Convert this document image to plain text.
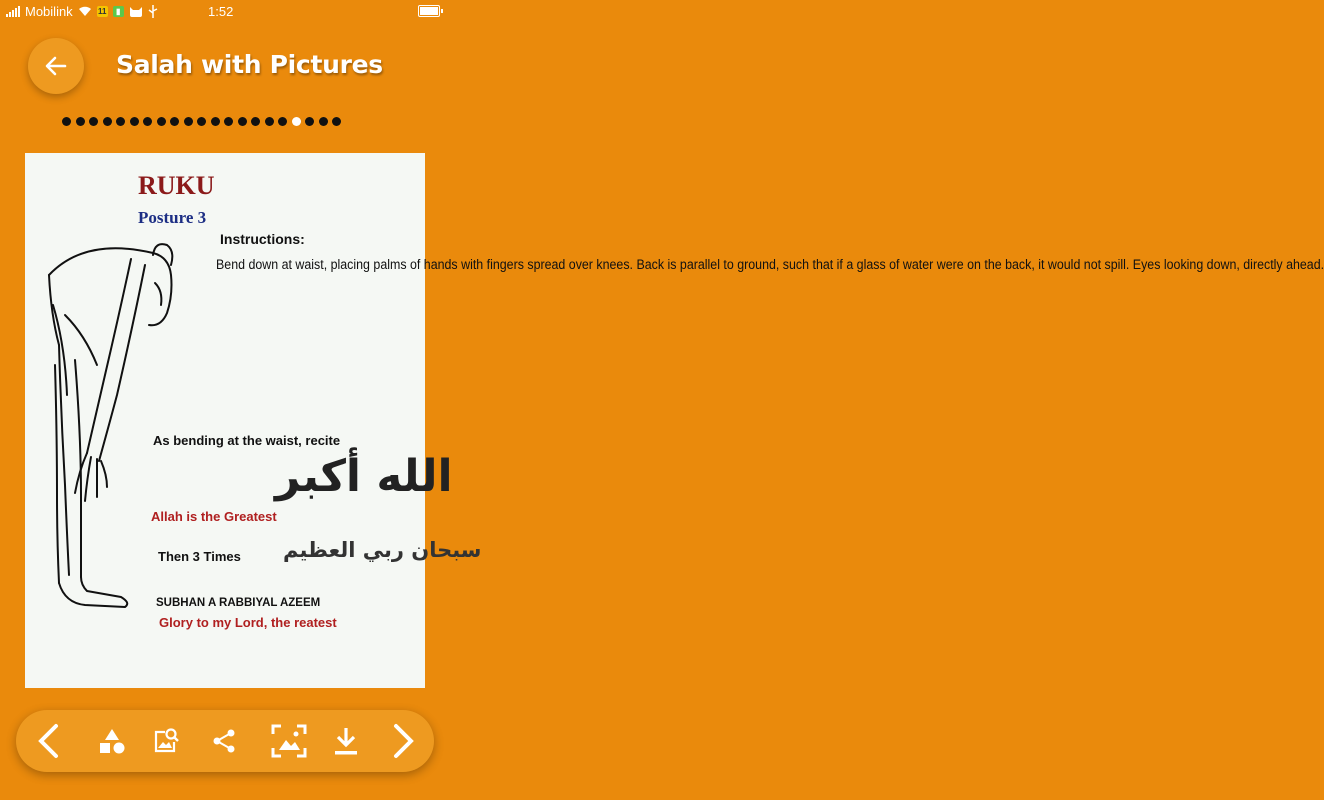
Mobilink	11	▮	1:52
Salah with Pictures
RUKU
Posture 3
Instructions:
Bend down at waist, placing palms of hands with fingers spread over knees. Back is parallel to ground, such that if a glass of water were on the back, it would not spill. Eyes looking down, directly ahead.
As bending at the waist, recite
الله أكبر
Allah is the Greatest
Then 3 Times سبحان ربي العظيم
SUBHAN A RABBIYAL AZEEM
Glory to my Lord, the reatest
